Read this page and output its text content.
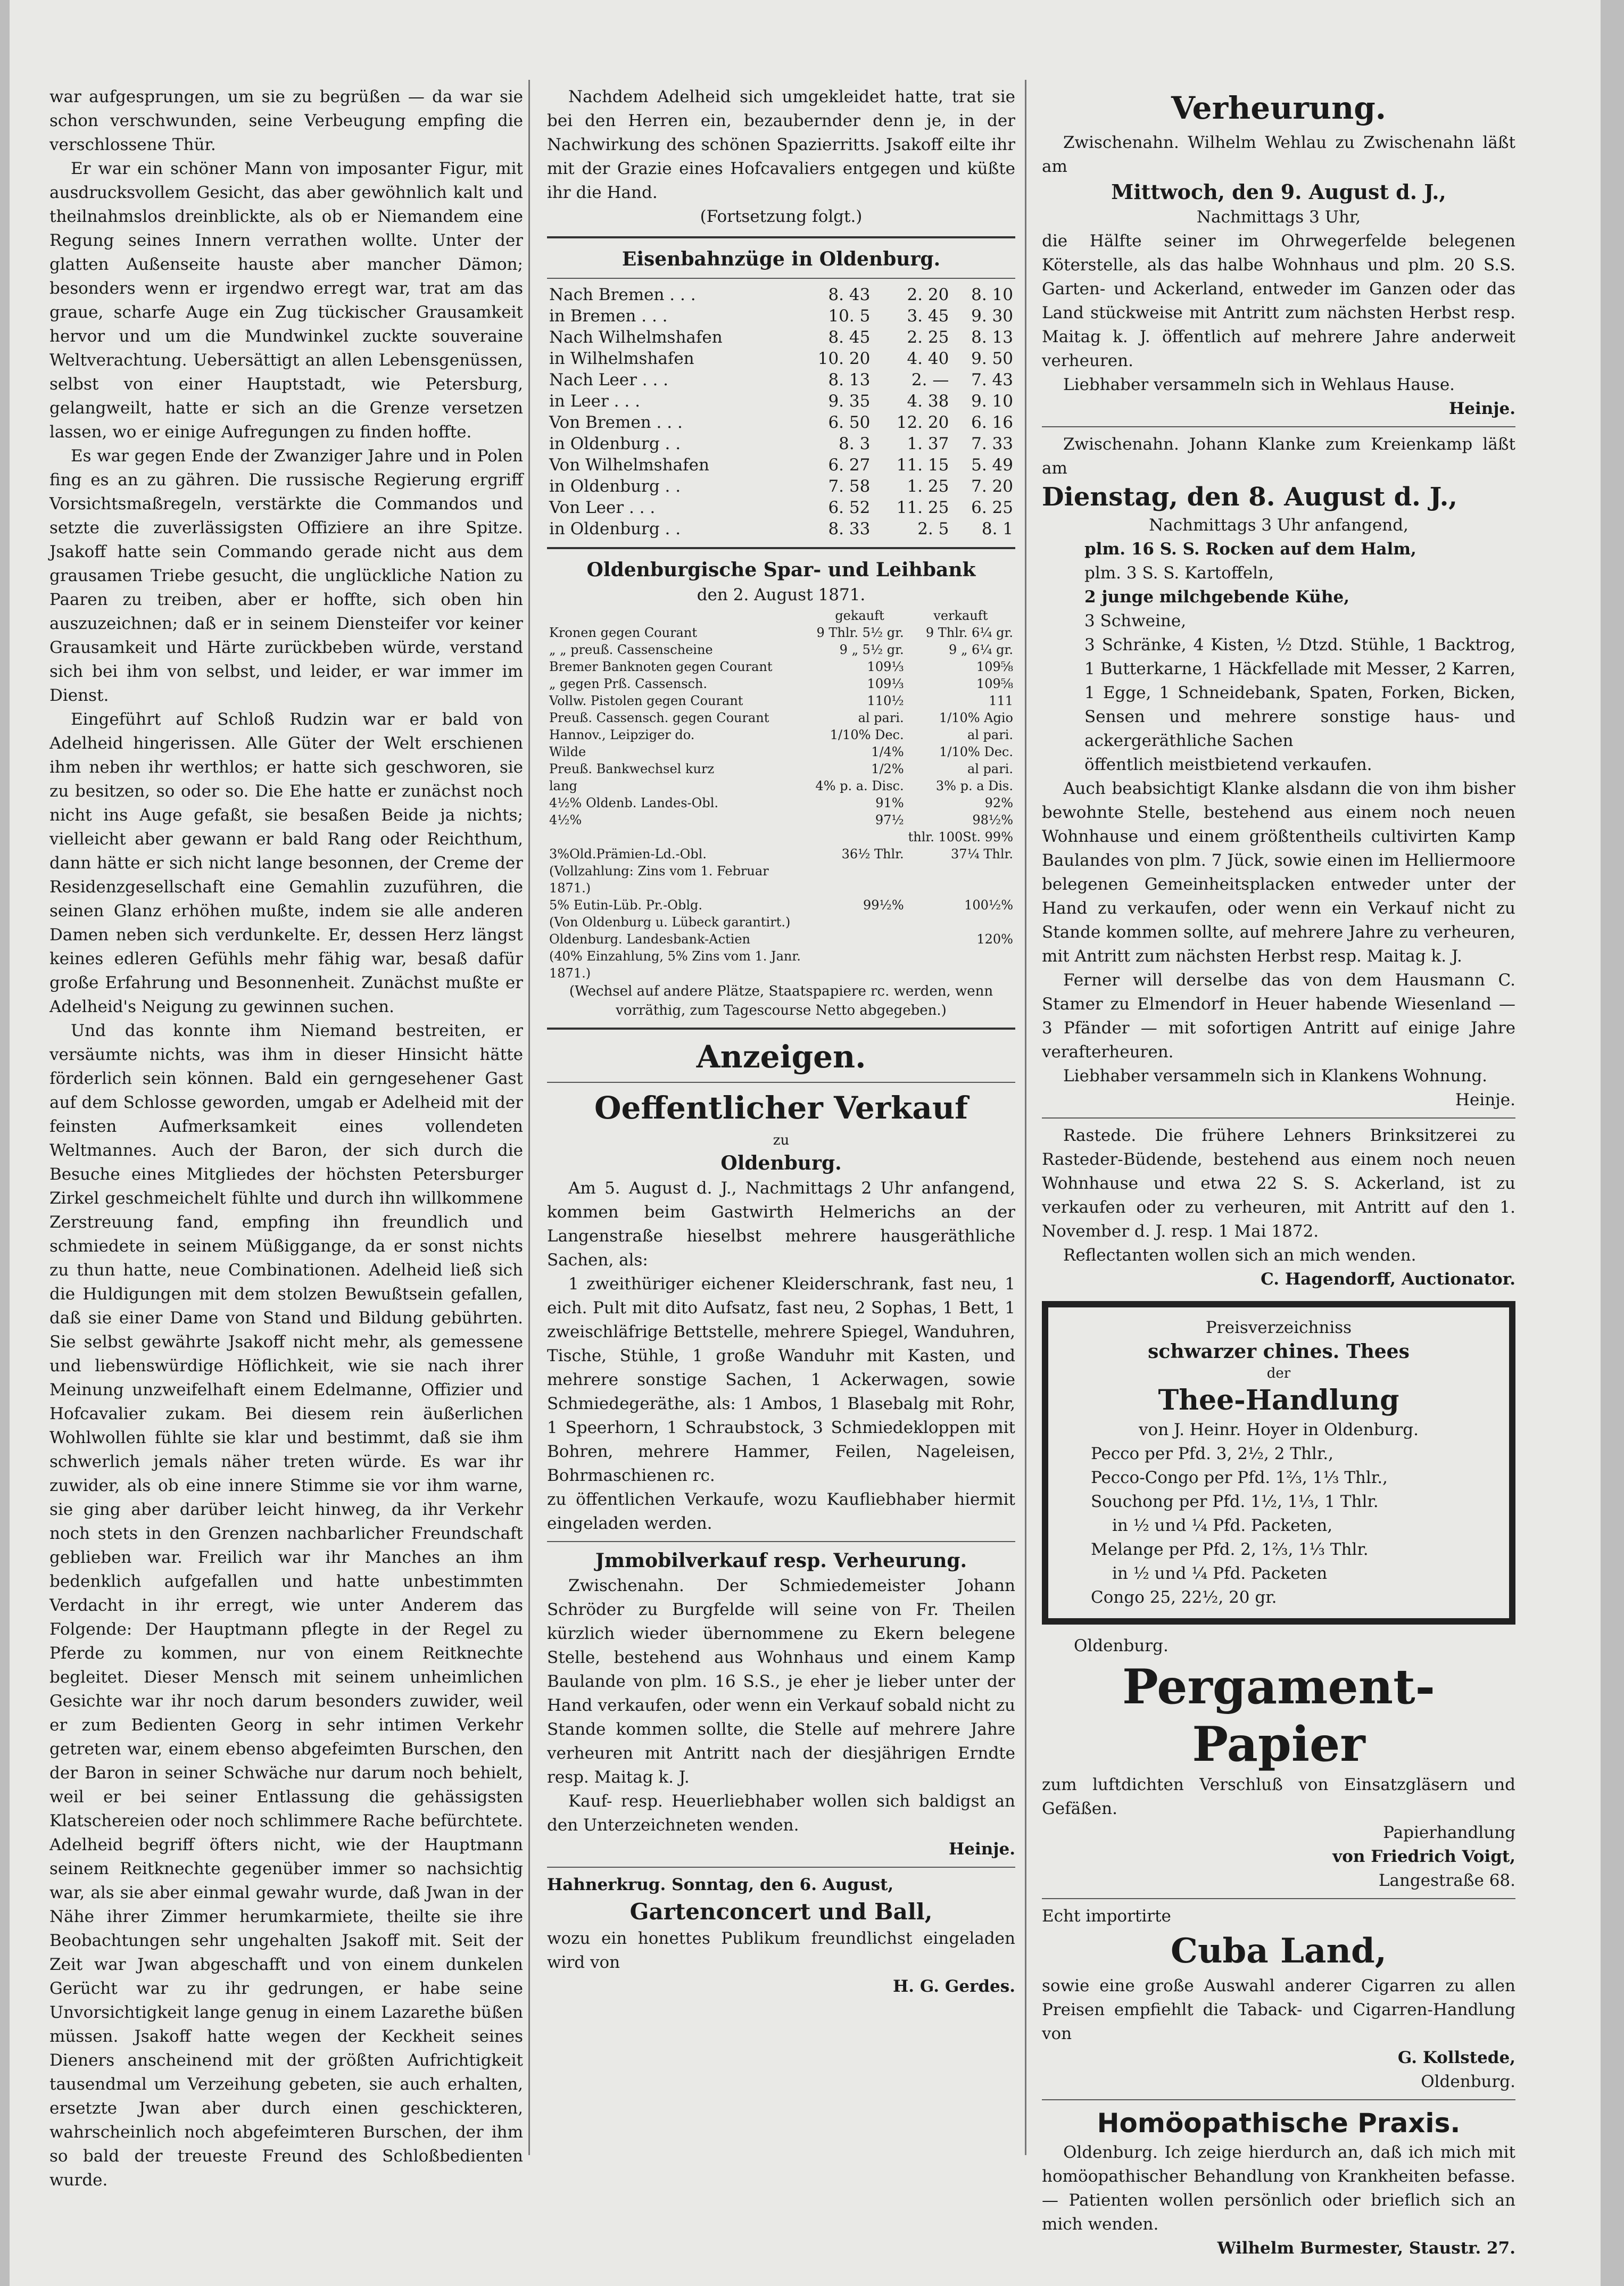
war aufgesprungen, um sie zu begrüßen — da war sie schon verschwunden, seine Verbeugung empfing die verschlossene Thür.

Er war ein schöner Mann von imposanter Figur, mit ausdrucksvollem Gesicht, das aber gewöhnlich kalt und theilnahmslos dreinblickte, als ob er Niemandem eine Regung seines Innern verrathen wollte. Unter der glatten Außenseite hauste aber mancher Dämon; besonders wenn er irgendwo erregt war, trat am das graue, scharfe Auge ein Zug tückischer Grausamkeit hervor und um die Mundwinkel zuckte souveraine Weltverachtung. Uebersättigt an allen Lebensgenüssen, selbst von einer Hauptstadt, wie Petersburg, gelangweilt, hatte er sich an die Grenze versetzen lassen, wo er einige Aufregungen zu finden hoffte.

Es war gegen Ende der Zwanziger Jahre und in Polen fing es an zu gähren. Die russische Regierung ergriff Vorsichtsmaßregeln, verstärkte die Commandos und setzte die zuverlässigsten Offiziere an ihre Spitze. Jsakoff hatte sein Commando gerade nicht aus dem grausamen Triebe gesucht, die unglückliche Nation zu Paaren zu treiben, aber er hoffte, sich oben hin auszuzeichnen; daß er in seinem Diensteifer vor keiner Grausamkeit und Härte zurückbeben würde, verstand sich bei ihm von selbst, und leider, er war immer im Dienst.

Eingeführt auf Schloß Rudzin war er bald von Adelheid hingerissen. Alle Güter der Welt erschienen ihm neben ihr werthlos; er hatte sich geschworen, sie zu besitzen, so oder so. Die Ehe hatte er zunächst noch nicht ins Auge gefaßt, sie besaßen Beide ja nichts; vielleicht aber gewann er bald Rang oder Reichthum, dann hätte er sich nicht lange besonnen, der Creme der Residenzgesellschaft eine Gemahlin zuzuführen, die seinen Glanz erhöhen mußte, indem sie alle anderen Damen neben sich verdunkelte. Er, dessen Herz längst keines edleren Gefühls mehr fähig war, besaß dafür große Erfahrung und Besonnenheit. Zunächst mußte er Adelheid's Neigung zu gewinnen suchen.

Und das konnte ihm Niemand bestreiten, er versäumte nichts, was ihm in dieser Hinsicht hätte förderlich sein können. Bald ein gerngesehener Gast auf dem Schlosse geworden, umgab er Adelheid mit der feinsten Aufmerksamkeit eines vollendeten Weltmannes. Auch der Baron, der sich durch die Besuche eines Mitgliedes der höchsten Petersburger Zirkel geschmeichelt fühlte und durch ihn willkommene Zerstreuung fand, empfing ihn freundlich und schmiedete in seinem Müßiggange, da er sonst nichts zu thun hatte, neue Combinationen. Adelheid ließ sich die Huldigungen mit dem stolzen Bewußtsein gefallen, daß sie einer Dame von Stand und Bildung gebührten. Sie selbst gewährte Jsakoff nicht mehr, als gemessene und liebenswürdige Höflichkeit, wie sie nach ihrer Meinung unzweifelhaft einem Edelmanne, Offizier und Hofcavalier zukam. Bei diesem rein äußerlichen Wohlwollen fühlte sie klar und bestimmt, daß sie ihm schwerlich jemals näher treten würde. Es war ihr zuwider, als ob eine innere Stimme sie vor ihm warne, sie ging aber darüber leicht hinweg, da ihr Verkehr noch stets in den Grenzen nachbarlicher Freundschaft geblieben war. Freilich war ihr Manches an ihm bedenklich aufgefallen und hatte unbestimmten Verdacht in ihr erregt, wie unter Anderem das Folgende: Der Hauptmann pflegte in der Regel zu Pferde zu kommen, nur von einem Reitknechte begleitet. Dieser Mensch mit seinem unheimlichen Gesichte war ihr noch darum besonders zuwider, weil er zum Bedienten Georg in sehr intimen Verkehr getreten war, einem ebenso abgefeimten Burschen, den der Baron in seiner Schwäche nur darum noch behielt, weil er bei seiner Entlassung die gehässigsten Klatschereien oder noch schlimmere Rache befürchtete. Adelheid begriff öfters nicht, wie der Hauptmann seinem Reitknechte gegenüber immer so nachsichtig war, als sie aber einmal gewahr wurde, daß Jwan in der Nähe ihrer Zimmer herumkarmiete, theilte sie ihre Beobachtungen sehr ungehalten Jsakoff mit. Seit der Zeit war Jwan abgeschafft und von einem dunkelen Gerücht war zu ihr gedrungen, er habe seine Unvorsichtigkeit lange genug in einem Lazarethe büßen müssen. Jsakoff hatte wegen der Keckheit seines Dieners anscheinend mit der größten Aufrichtigkeit tausendmal um Verzeihung gebeten, sie auch erhalten, ersetzte Jwan aber durch einen geschickteren, wahrscheinlich noch abgefeimteren Burschen, der ihm so bald der treueste Freund des Schloßbedienten wurde.

Nachdem Adelheid sich umgekleidet hatte, trat sie bei den Herren ein, bezaubernder denn je, in der Nachwirkung des schönen Spazierritts. Jsakoff eilte ihr mit der Grazie eines Hofcavaliers entgegen und küßte ihr die Hand.

(Fortsetzung folgt.)

Eisenbahnzüge in Oldenburg.
Nach Bremen . . .	8. 43	2. 20	8. 10
in Bremen . . .	10. 5	3. 45	9. 30
Nach Wilhelmshafen	8. 45	2. 25	8. 13
in Wilhelmshafen	10. 20	4. 40	9. 50
Nach Leer . . .	8. 13	2. —	7. 43
in Leer . . .	9. 35	4. 38	9. 10
Von Bremen . . .	6. 50	12. 20	6. 16
in Oldenburg . .	8. 3	1. 37	7. 33
Von Wilhelmshafen	6. 27	11. 15	5. 49
in Oldenburg . .	7. 58	1. 25	7. 20
Von Leer . . .	6. 52	11. 25	6. 25
in Oldenburg . .	8. 33	2. 5	8. 1
Oldenburgische Spar- und Leihbank

den 2. August 1871.

	gekauft	verkauft
Kronen gegen Courant	9 Thlr. 5½ gr.	9 Thlr. 6¼ gr.
„ „ preuß. Cassenscheine	9 „ 5½ gr.	9 „ 6¼ gr.
Bremer Banknoten gegen Courant	109⅓	109⅝
„ gegen Prß. Cassensch.	109⅓	109⅝
Vollw. Pistolen gegen Courant	110½	111
Preuß. Cassensch. gegen Courant	al pari.	1/10% Agio
Hannov., Leipziger do.	1/10% Dec.	al pari.
Wilde	1/4%	1/10% Dec.
Preuß. Bankwechsel kurz	1/2%	al pari.
lang	4% p. a. Disc.	3% p. a Dis.
4½% Oldenb. Landes-Obl.	91%	92%
4½%	97½	98½%
		thlr. 100St. 99%
3%Old.Prämien-Ld.-Obl.	36½ Thlr.	37¼ Thlr.
(Vollzahlung: Zins vom 1. Februar 1871.)		
5% Eutin-Lüb. Pr.-Oblg.	99½%	100½%
(Von Oldenburg u. Lübeck garantirt.)		
Oldenburg. Landesbank-Actien		120%
(40% Einzahlung, 5% Zins vom 1. Janr. 1871.)		

(Wechsel auf andere Plätze, Staatspapiere rc. werden, wenn vorräthig, zum Tagescourse Netto abgegeben.)

Anzeigen.
Oeffentlicher Verkauf

zu

Oldenburg.

Am 5. August d. J., Nachmittags 2 Uhr anfangend, kommen beim Gastwirth Helmerichs an der Langenstraße hieselbst mehrere hausgeräthliche Sachen, als:

1 zweithüriger eichener Kleiderschrank, fast neu, 1 eich. Pult mit dito Aufsatz, fast neu, 2 Sophas, 1 Bett, 1 zweischläfrige Bettstelle, mehrere Spiegel, Wanduhren, Tische, Stühle, 1 große Wanduhr mit Kasten, und mehrere sonstige Sachen, 1 Ackerwagen, sowie Schmiedegeräthe, als: 1 Ambos, 1 Blasebalg mit Rohr, 1 Speerhorn, 1 Schraubstock, 3 Schmiedekloppen mit Bohren, mehrere Hammer, Feilen, Nageleisen, Bohrmaschienen rc.

zu öffentlichen Verkaufe, wozu Kaufliebhaber hiermit eingeladen werden.

Jmmobilverkauf resp. Verheurung.

Zwischenahn. Der Schmiedemeister Johann Schröder zu Burgfelde will seine von Fr. Theilen kürzlich wieder übernommene zu Ekern belegene Stelle, bestehend aus Wohnhaus und einem Kamp Baulande von plm. 16 S.S., je eher je lieber unter der Hand verkaufen, oder wenn ein Verkauf sobald nicht zu Stande kommen sollte, die Stelle auf mehrere Jahre verheuren mit Antritt nach der diesjährigen Erndte resp. Maitag k. J.

Kauf- resp. Heuerliebhaber wollen sich baldigst an den Unterzeichneten wenden.

Heinje.

Hahnerkrug. Sonntag, den 6. August,

Gartenconcert und Ball,

wozu ein honettes Publikum freundlichst eingeladen wird von

H. G. Gerdes.

Verheurung.

Zwischenahn. Wilhelm Wehlau zu Zwischenahn läßt am

Mittwoch, den 9. August d. J.,

Nachmittags 3 Uhr,

die Hälfte seiner im Ohrwegerfelde belegenen Köterstelle, als das halbe Wohnhaus und plm. 20 S.S. Garten- und Ackerland, entweder im Ganzen oder das Land stückweise mit Antritt zum nächsten Herbst resp. Maitag k. J. öffentlich auf mehrere Jahre anderweit verheuren.

Liebhaber versammeln sich in Wehlaus Hause.

Heinje.

Zwischenahn. Johann Klanke zum Kreienkamp läßt am

Dienstag, den 8. August d. J.,

Nachmittags 3 Uhr anfangend,

plm. 16 S. S. Rocken auf dem Halm,

plm. 3 S. S. Kartoffeln,

2 junge milchgebende Kühe,

3 Schweine,

3 Schränke, 4 Kisten, ½ Dtzd. Stühle, 1 Backtrog, 1 Butterkarne, 1 Häckfellade mit Messer, 2 Karren, 1 Egge, 1 Schneidebank, Spaten, Forken, Bicken, Sensen und mehrere sonstige haus- und ackergeräthliche Sachen

öffentlich meistbietend verkaufen.

Auch beabsichtigt Klanke alsdann die von ihm bisher bewohnte Stelle, bestehend aus einem noch neuen Wohnhause und einem größtentheils cultivirten Kamp Baulandes von plm. 7 Jück, sowie einen im Helliermoore belegenen Gemeinheitsplacken entweder unter der Hand zu verkaufen, oder wenn ein Verkauf nicht zu Stande kommen sollte, auf mehrere Jahre zu verheuren, mit Antritt zum nächsten Herbst resp. Maitag k. J.

Ferner will derselbe das von dem Hausmann C. Stamer zu Elmendorf in Heuer habende Wiesenland — 3 Pfänder — mit sofortigen Antritt auf einige Jahre verafterheuren.

Liebhaber versammeln sich in Klankens Wohnung.

Heinje.

Rastede. Die frühere Lehners Brinksitzerei zu Rasteder-Büdende, bestehend aus einem noch neuen Wohnhause und etwa 22 S. S. Ackerland, ist zu verkaufen oder zu verheuren, mit Antritt auf den 1. November d. J. resp. 1 Mai 1872.

Reflectanten wollen sich an mich wenden.

C. Hagendorff, Auctionator.

Preisverzeichniss

schwarzer chines. Thees

der

Thee-Handlung

von J. Heinr. Hoyer in Oldenburg.

Pecco per Pfd. 3, 2½, 2 Thlr.,

Pecco-Congo per Pfd. 1⅔, 1⅓ Thlr.,

Souchong per Pfd. 1½, 1⅓, 1 Thlr.

in ½ und ¼ Pfd. Packeten,

Melange per Pfd. 2, 1⅔, 1⅓ Thlr.

in ½ und ¼ Pfd. Packeten

Congo 25, 22½, 20 gr.

Oldenburg.

Pergament-Papier

zum luftdichten Verschluß von Einsatzgläsern und Gefäßen.

Papierhandlung

von Friedrich Voigt,

Langestraße 68.

Echt importirte

Cuba Land,

sowie eine große Auswahl anderer Cigarren zu allen Preisen empfiehlt die Taback- und Cigarren-Handlung von

G. Kollstede,

Oldenburg.

Homöopathische Praxis.

Oldenburg. Ich zeige hierdurch an, daß ich mich mit homöopathischer Behandlung von Krankheiten befasse. — Patienten wollen persönlich oder brieflich sich an mich wenden.

Wilhelm Burmester, Staustr. 27.
